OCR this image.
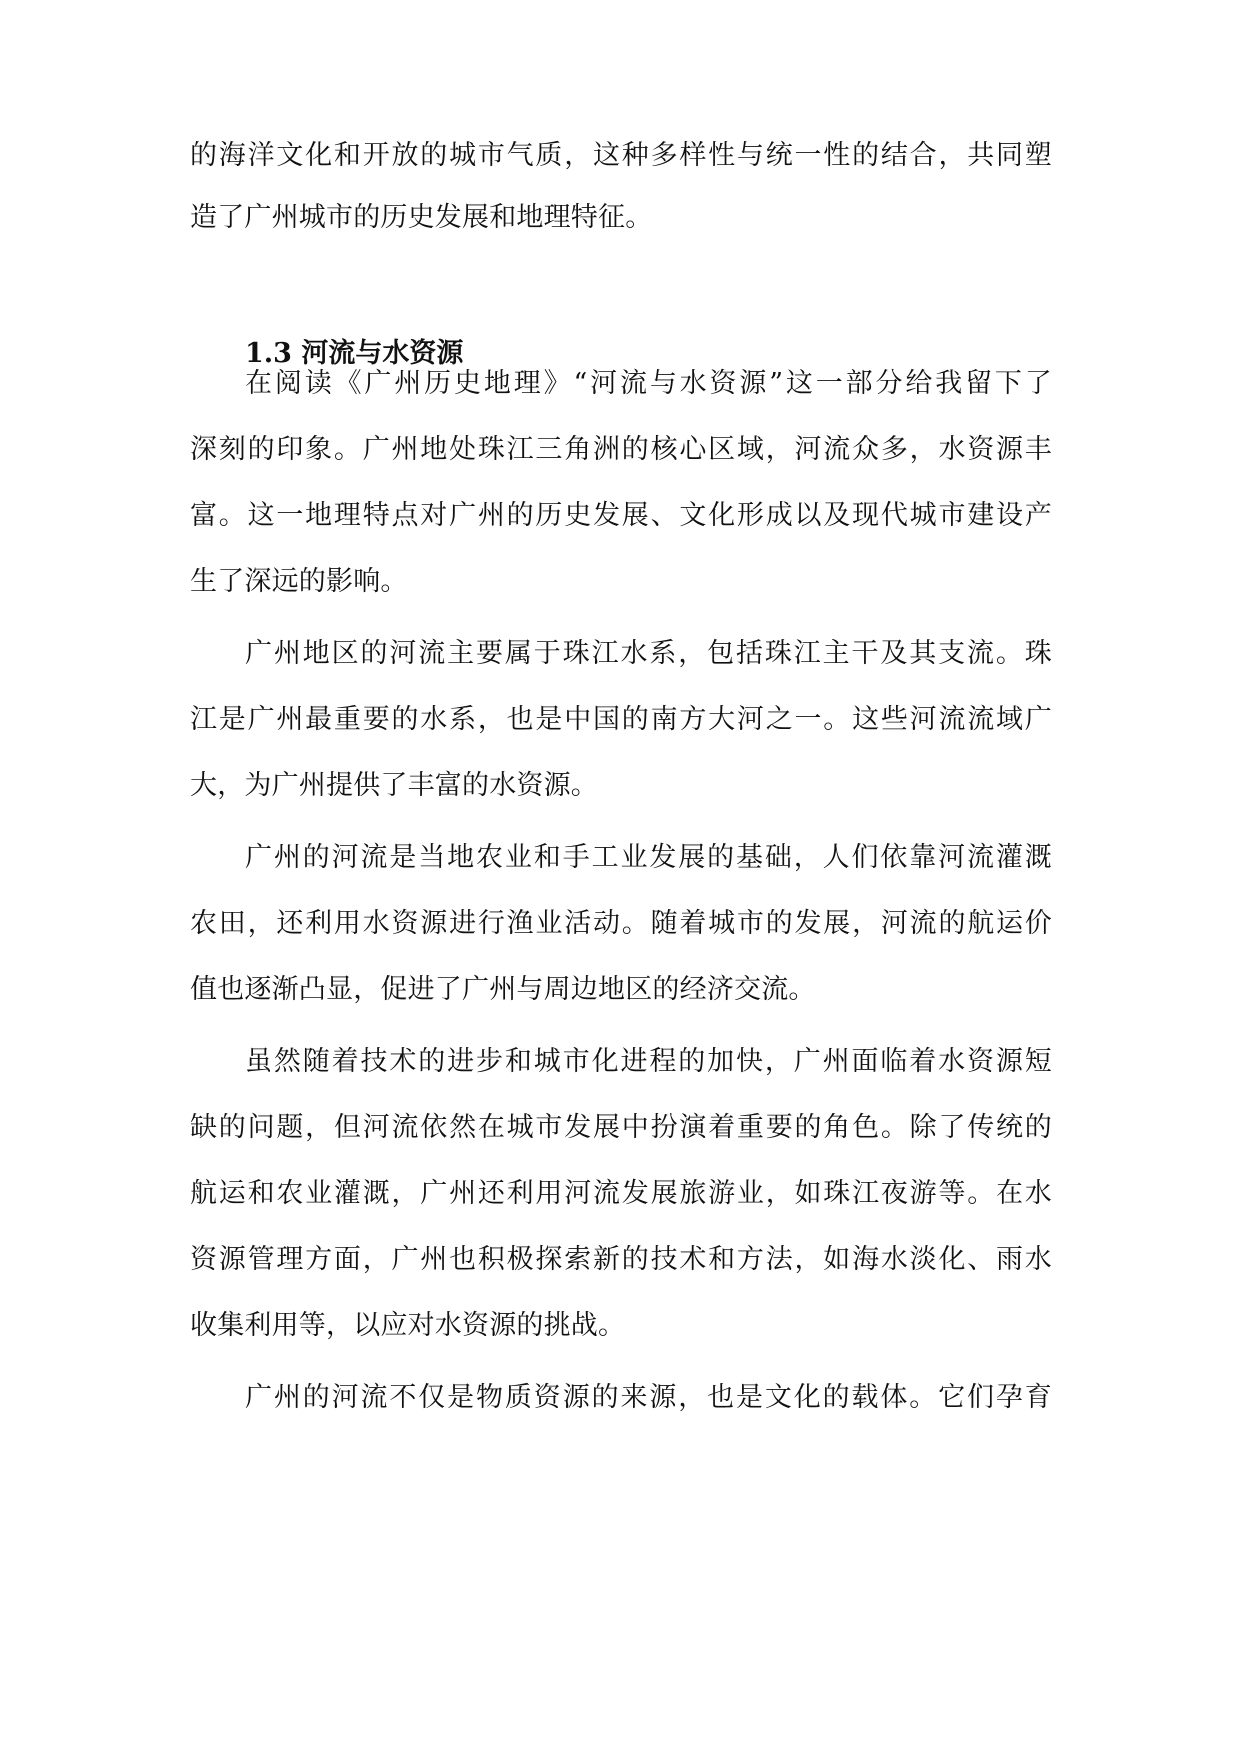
的海洋文化和开放的城市气质，这种多样性与统一性的结合，共同塑
造了广州城市的历史发展和地理特征。
1.3 河流与水资源
在阅读《广州历史地理》“河流与水资源”这一部分给我留下了
深刻的印象。广州地处珠江三角洲的核心区域，河流众多，水资源丰
富。这一地理特点对广州的历史发展、文化形成以及现代城市建设产
生了深远的影响。
广州地区的河流主要属于珠江水系，包括珠江主干及其支流。珠
江是广州最重要的水系，也是中国的南方大河之一。这些河流流域广
大，为广州提供了丰富的水资源。
广州的河流是当地农业和手工业发展的基础，人们依靠河流灌溉
农田，还利用水资源进行渔业活动。随着城市的发展，河流的航运价
值也逐渐凸显，促进了广州与周边地区的经济交流。
虽然随着技术的进步和城市化进程的加快，广州面临着水资源短
缺的问题，但河流依然在城市发展中扮演着重要的角色。除了传统的
航运和农业灌溉，广州还利用河流发展旅游业，如珠江夜游等。在水
资源管理方面，广州也积极探索新的技术和方法，如海水淡化、雨水
收集利用等，以应对水资源的挑战。
广州的河流不仅是物质资源的来源，也是文化的载体。它们孕育
